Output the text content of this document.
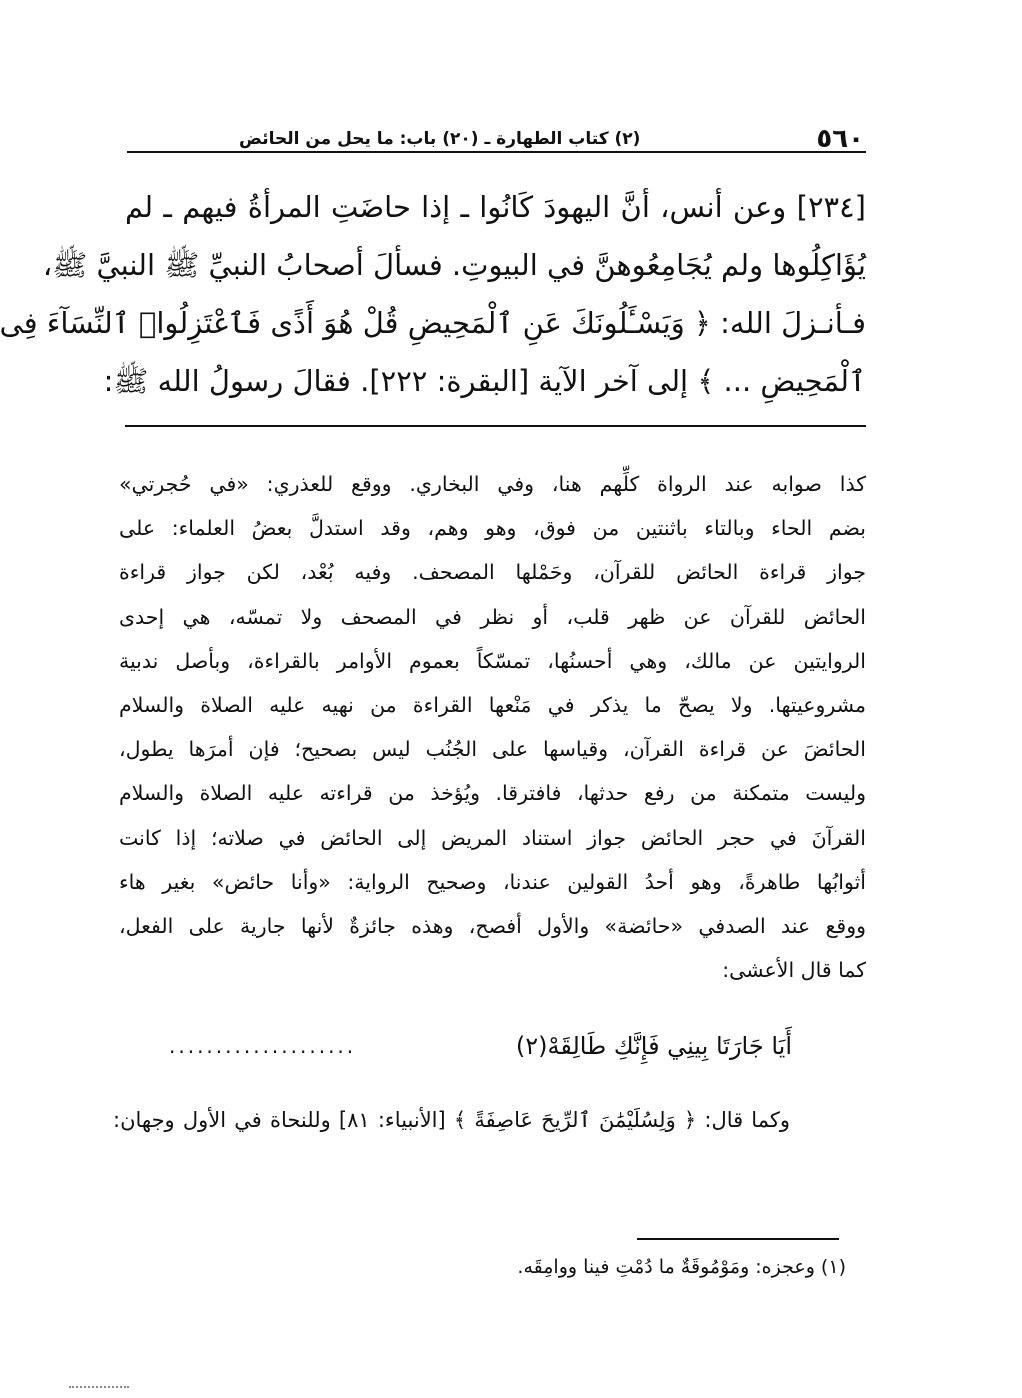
٥٦٠
(٢) كتاب الطهارة ـ (٢٠) باب: ما يحل من الحائض
[٢٣٤] وعن أنس، أنَّ اليهودَ كَانُوا ـ إذا حاضَتِ المرأةُ فيهم ـ لم
يُؤَاكِلُوها ولم يُجَامِعُوهنَّ في البيوتِ. فسألَ أصحابُ النبيِّ ﷺ النبيَّ ﷺ،
فـأنـزلَ الله: ﴿ وَيَسْـَٔلُونَكَ عَنِ ٱلْمَحِيضِ قُلْ هُوَ أَذًى فَٱعْتَزِلُوا۟ ٱلنِّسَآءَ فِى
ٱلْمَحِيضِ ... ﴾ إلى آخر الآية [البقرة: ٢٢٢]. فقالَ رسولُ الله ﷺ:
كذا صوابه عند الرواة كلِّهم هنا، وفي البخاري. ووقع للعذري: «في حُجرتي»
بضم الحاء وبالتاء باثنتين من فوق، وهو وهم، وقد استدلَّ بعضُ العلماء: على
جواز قراءة الحائض للقرآن، وحَمْلها المصحف. وفيه بُعْد، لكن جواز قراءة
الحائض للقرآن عن ظهر قلب، أو نظر في المصحف ولا تمسّه، هي إحدى
الروايتين عن مالك، وهي أحسنُها، تمسّكاً بعموم الأوامر بالقراءة، وبأصل ندبية
مشروعيتها. ولا يصحّ ما يذكر في مَنْعها القراءة من نهيه عليه الصلاة والسلام
الحائضَ عن قراءة القرآن، وقياسها على الجُنُب ليس بصحيح؛ فإن أمرَها يطول،
وليست متمكنة من رفع حدثها، فافترقا. ويُؤخذ من قراءته عليه الصلاة والسلام
القرآنَ في حجر الحائض جواز استناد المريض إلى الحائض في صلاته؛ إذا كانت
أثوابُها طاهرةً، وهو أحدُ القولين عندنا، وصحيح الرواية: «وأنا حائض» بغير هاء
ووقع عند الصدفي «حائضة» والأول أفصح، وهذه جائزةٌ لأنها جارية على الفعل،
كما قال الأعشى:
أَيَا جَارَتَا بِينِي فَإِنَّكِ طَالِقَهْ(٢)
....................
وكما قال: ﴿ وَلِسُلَيْمَٰنَ ٱلرِّيحَ عَاصِفَةً ﴾ [الأنبياء: ٨١] وللنحاة في الأول وجهان:
(١) وعجزه: ومَوْمُوقَةٌ ما دُمْتِ فينا ووامِقَه.
